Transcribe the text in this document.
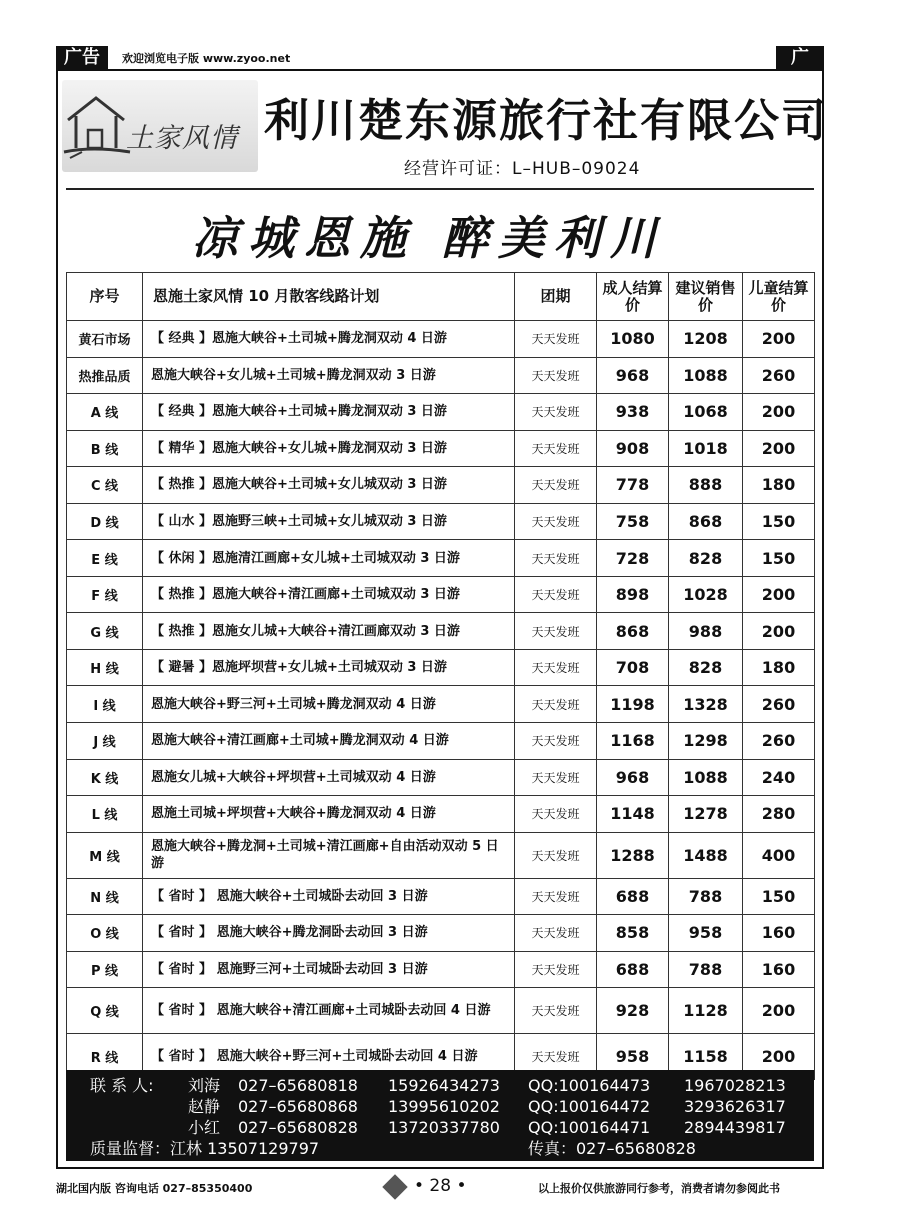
广告	欢迎浏览电子版 www.zyoo.net	广告
土家风情 利川楚东源旅行社有限公司
经营许可证：L–HUB–09024
凉城恩施 醉美利川
序号	恩施土家风情 10 月散客线路计划	团期	成人结算价	建议销售价	儿童结算价
黄石市场	【 经典 】恩施大峡谷+土司城+腾龙洞双动 4 日游	天天发班	1080	1208	200
热推品质	恩施大峡谷+女儿城+土司城+腾龙洞双动 3 日游	天天发班	968	1088	260
A 线	【 经典 】恩施大峡谷+土司城+腾龙洞双动 3 日游	天天发班	938	1068	200
B 线	【 精华 】恩施大峡谷+女儿城+腾龙洞双动 3 日游	天天发班	908	1018	200
C 线	【 热推 】恩施大峡谷+土司城+女儿城双动 3 日游	天天发班	778	888	180
D 线	【 山水 】恩施野三峡+土司城+女儿城双动 3 日游	天天发班	758	868	150
E 线	【 休闲 】恩施清江画廊+女儿城+土司城双动 3 日游	天天发班	728	828	150
F 线	【 热推 】恩施大峡谷+清江画廊+土司城双动 3 日游	天天发班	898	1028	200
G 线	【 热推 】恩施女儿城+大峡谷+清江画廊双动 3 日游	天天发班	868	988	200
H 线	【 避暑 】恩施坪坝营+女儿城+土司城双动 3 日游	天天发班	708	828	180
I 线	恩施大峡谷+野三河+土司城+腾龙洞双动 4 日游	天天发班	1198	1328	260
J 线	恩施大峡谷+清江画廊+土司城+腾龙洞双动 4 日游	天天发班	1168	1298	260
K 线	恩施女儿城+大峡谷+坪坝营+土司城双动 4 日游	天天发班	968	1088	240
L 线	恩施土司城+坪坝营+大峡谷+腾龙洞双动 4 日游	天天发班	1148	1278	280
M 线	恩施大峡谷+腾龙洞+土司城+清江画廊+自由活动双动 5 日游	天天发班	1288	1488	400
N 线	【 省时 】 恩施大峡谷+土司城卧去动回 3 日游	天天发班	688	788	150
O 线	【 省时 】 恩施大峡谷+腾龙洞卧去动回 3 日游	天天发班	858	958	160
P 线	【 省时 】 恩施野三河+土司城卧去动回 3 日游	天天发班	688	788	160
Q 线	【 省时 】 恩施大峡谷+清江画廊+土司城卧去动回 4 日游	天天发班	928	1128	200
R 线	【 省时 】 恩施大峡谷+野三河+土司城卧去动回 4 日游	天天发班	958	1158	200
联 系 人: 刘海 027–65680818 15926434273 QQ:100164473 1967028213
赵静 027–65680868 13995610202 QQ:100164472 3293626317
小红 027–65680828 13720337780 QQ:100164471 2894439817
质量监督：江林 13507129797	传真：027–65680828
湖北国内版 咨询电话 027–85350400	• 28 •	以上报价仅供旅游同行参考，消费者请勿参阅此书
